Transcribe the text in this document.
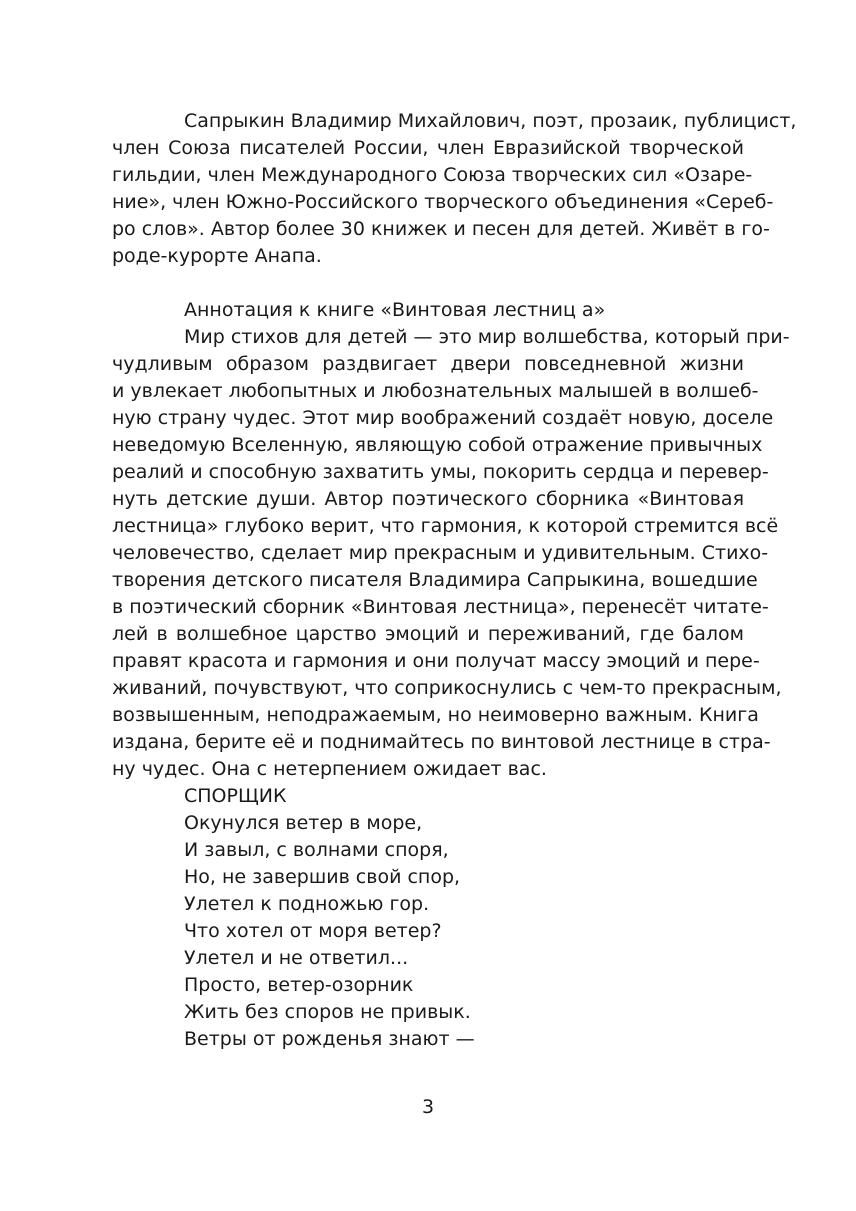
Сапрыкин Владимир Михайлович, поэт, прозаик, публицист,
член Союза писателей России, член Евразийской творческой
гильдии, член Международного Союза творческих сил «Озаре-
ние», член Южно-Российского творческого объединения «Сереб-
ро слов». Автор более 30 книжек и песен для детей. Живёт в го-
роде-курорте Анапа.
Аннотация к книге «Винтовая лестниц а»
Мир стихов для детей — это мир волшебства, который при-
чудливым образом раздвигает двери повседневной жизни
и увлекает любопытных и любознательных малышей в волшеб-
ную страну чудес. Этот мир воображений создаёт новую, доселе
неведомую Вселенную, являющую собой отражение привычных
реалий и способную захватить умы, покорить сердца и перевер-
нуть детские души. Автор поэтического сборника «Винтовая
лестница» глубоко верит, что гармония, к которой стремится всё
человечество, сделает мир прекрасным и удивительным. Стихо-
творения детского писателя Владимира Сапрыкина, вошедшие
в поэтический сборник «Винтовая лестница», перенесёт читате-
лей в волшебное царство эмоций и переживаний, где балом
правят красота и гармония и они получат массу эмоций и пере-
живаний, почувствуют, что соприкоснулись с чем-то прекрасным,
возвышенным, неподражаемым, но неимоверно важным. Книга
издана, берите её и поднимайтесь по винтовой лестнице в стра-
ну чудес. Она с нетерпением ожидает вас.
СПОРЩИК
Окунулся ветер в море,
И завыл, с волнами споря,
Но, не завершив свой спор,
Улетел к подножью гор.
Что хотел от моря ветер?
Улетел и не ответил...
Просто, ветер-озорник
Жить без споров не привык.
Ветры от рожденья знают —
3
